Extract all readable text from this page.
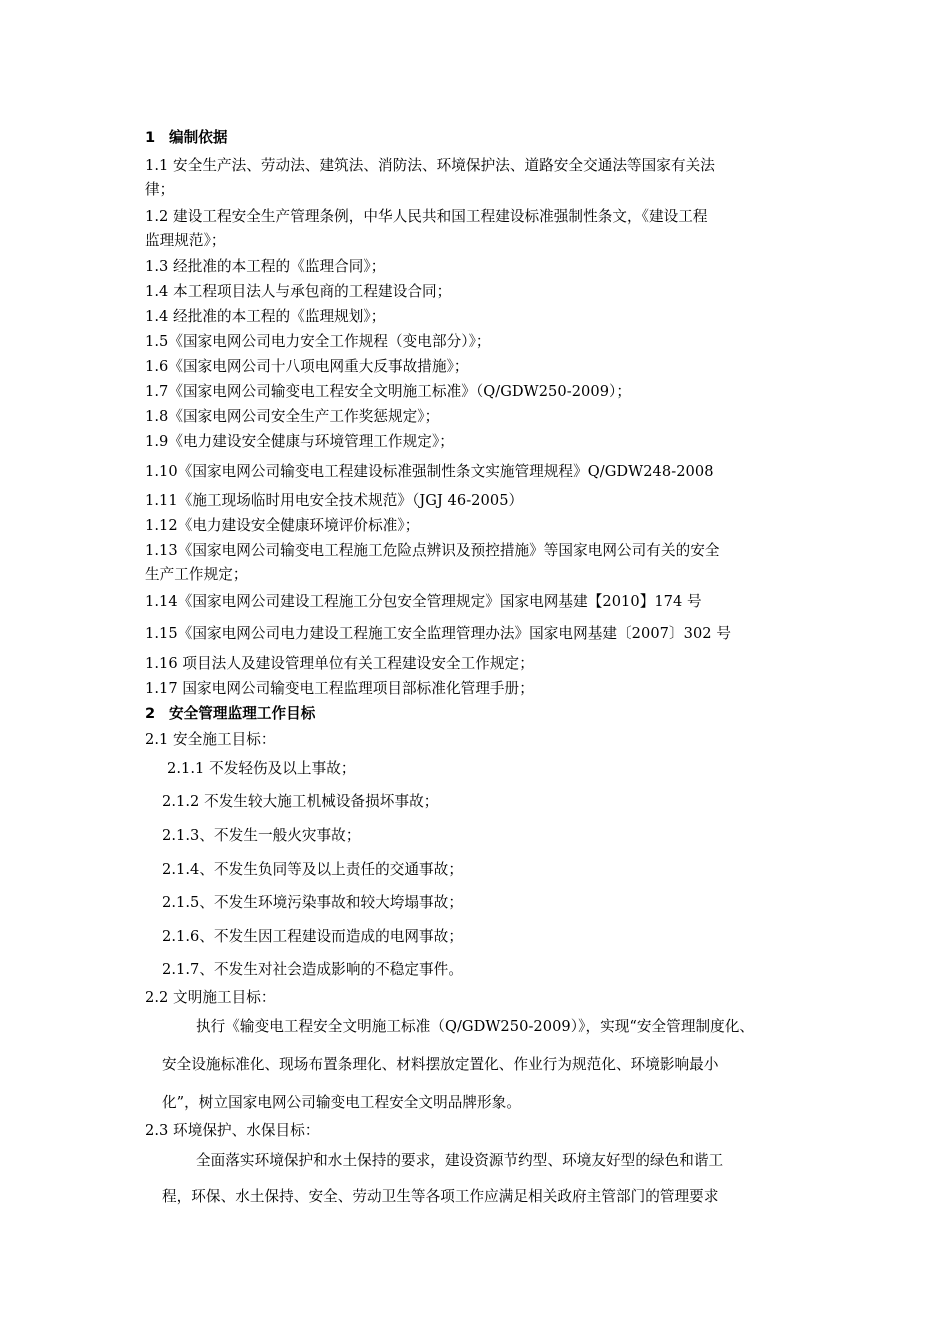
1 编制依据
1.1 安全生产法、劳动法、建筑法、消防法、环境保护法、道路安全交通法等国家有关法
律；
1.2 建设工程安全生产管理条例，中华人民共和国工程建设标准强制性条文，《建设工程
监理规范》；
1.3 经批准的本工程的《监理合同》；
1.4 本工程项目法人与承包商的工程建设合同；
1.4 经批准的本工程的《监理规划》；
1.5《国家电网公司电力安全工作规程（变电部分）》；
1.6《国家电网公司十八项电网重大反事故措施》；
1.7《国家电网公司输变电工程安全文明施工标准》（Q/GDW250-2009）；
1.8《国家电网公司安全生产工作奖惩规定》；
1.9《电力建设安全健康与环境管理工作规定》；
1.10《国家电网公司输变电工程建设标准强制性条文实施管理规程》Q/GDW248-2008
1.11《施工现场临时用电安全技术规范》（JGJ 46-2005）
1.12《电力建设安全健康环境评价标准》；
1.13《国家电网公司输变电工程施工危险点辨识及预控措施》等国家电网公司有关的安全
生产工作规定；
1.14《国家电网公司建设工程施工分包安全管理规定》国家电网基建【2010】174 号
1.15《国家电网公司电力建设工程施工安全监理管理办法》国家电网基建〔2007〕302 号
1.16 项目法人及建设管理单位有关工程建设安全工作规定；
1.17 国家电网公司输变电工程监理项目部标准化管理手册；
2 安全管理监理工作目标
2.1 安全施工目标：
2.1.1 不发轻伤及以上事故；
2.1.2 不发生较大施工机械设备损坏事故；
2.1.3、不发生一般火灾事故；
2.1.4、不发生负同等及以上责任的交通事故；
2.1.5、不发生环境污染事故和较大垮塌事故；
2.1.6、不发生因工程建设而造成的电网事故；
2.1.7、不发生对社会造成影响的不稳定事件。
2.2 文明施工目标：
执行《输变电工程安全文明施工标准（Q/GDW250-2009）》，实现“安全管理制度化、
安全设施标准化、现场布置条理化、材料摆放定置化、作业行为规范化、环境影响最小
化”，树立国家电网公司输变电工程安全文明品牌形象。
2.3 环境保护、水保目标：
全面落实环境保护和水土保持的要求，建设资源节约型、环境友好型的绿色和谐工
程，环保、水土保持、安全、劳动卫生等各项工作应满足相关政府主管部门的管理要求
